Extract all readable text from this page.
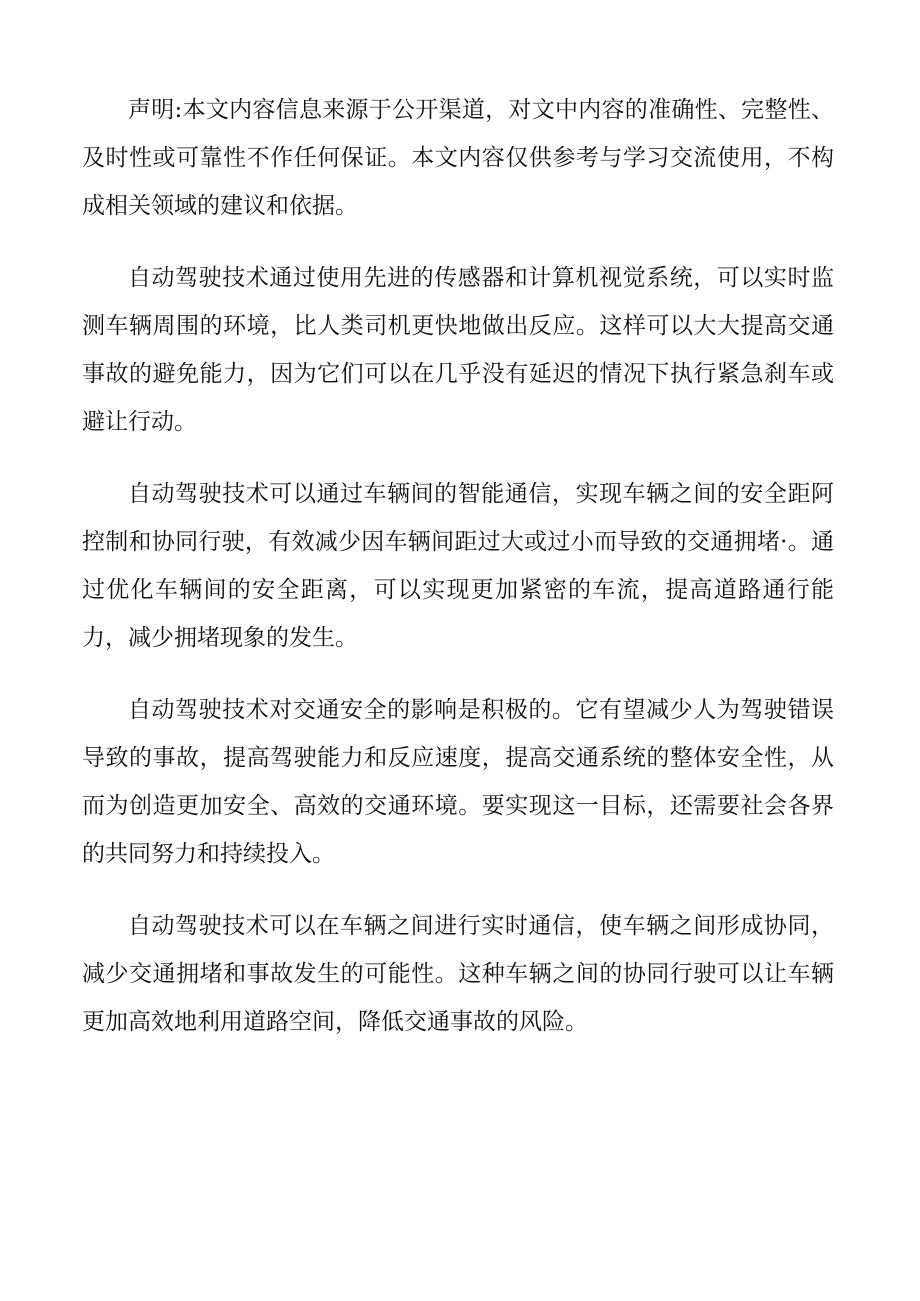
声明:本文内容信息来源于公开渠道，对文中内容的准确性、完整性、及时性或可靠性不作任何保证。本文内容仅供参考与学习交流使用，不构成相关领域的建议和依据。

自动驾驶技术通过使用先进的传感器和计算机视觉系统，可以实时监测车辆周围的环境，比人类司机更快地做出反应。这样可以大大提高交通事故的避免能力，因为它们可以在几乎没有延迟的情况下执行紧急刹车或避让行动。

自动驾驶技术可以通过车辆间的智能通信，实现车辆之间的安全距阿控制和协同行驶，有效减少因车辆间距过大或过小而导致的交通拥堵·。通过优化车辆间的安全距离，可以实现更加紧密的车流，提高道路通行能力，减少拥堵现象的发生。

自动驾驶技术对交通安全的影响是积极的。它有望减少人为驾驶错误导致的事故，提高驾驶能力和反应速度，提高交通系统的整体安全性，从而为创造更加安全、高效的交通环境。要实现这一目标，还需要社会各界的共同努力和持续投入。

自动驾驶技术可以在车辆之间进行实时通信，使车辆之间形成协同，减少交通拥堵和事故发生的可能性。这种车辆之间的协同行驶可以让车辆更加高效地利用道路空间，降低交通事故的风险。
